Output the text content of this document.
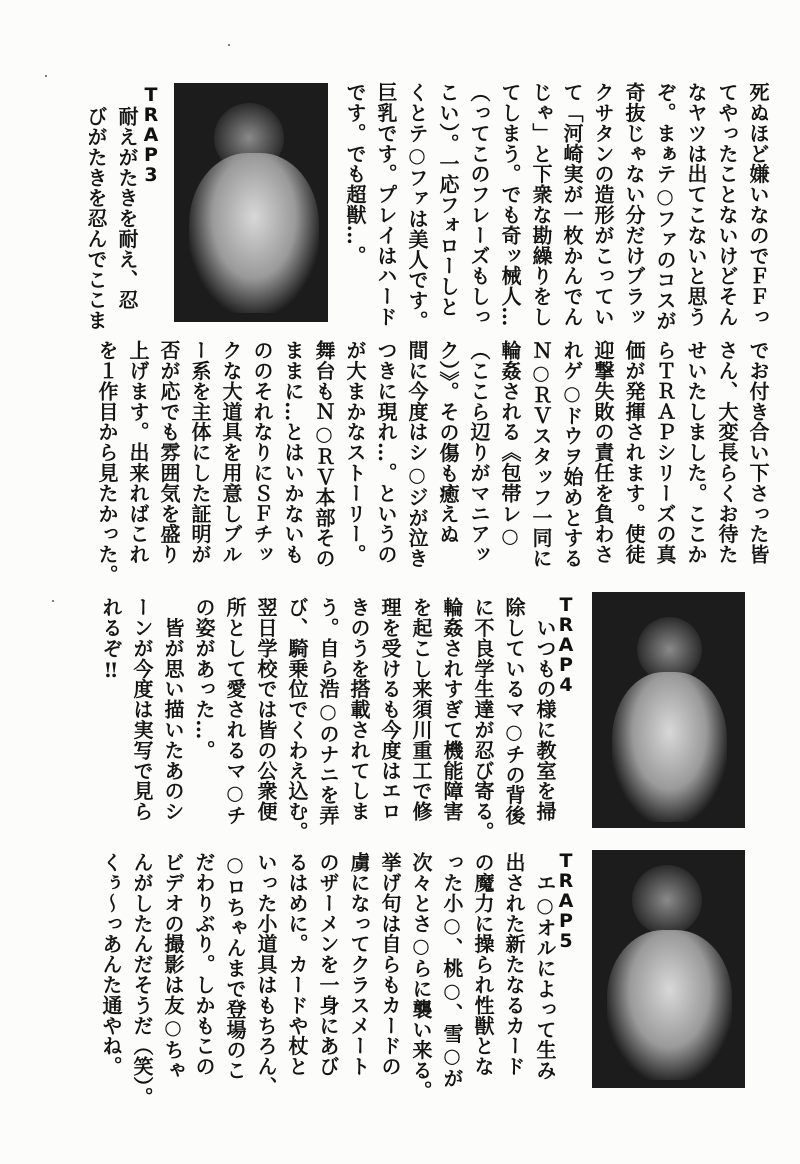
死ぬほど嫌いなのでＦＦっ
てやったことないけどそん
なヤツは出てこないと思う
ぞ。まぁテ○ファのコスが
奇抜じゃない分だけブラッ
クサタンの造形がこってい
て「河崎実が一枚かんでん
じゃ」と下衆な勘繰りをし
てしまう。でも奇ッ械人…
（ってこのフレーズもしっ
こい）。一応フォローしと
くとテ○ファは美人です。
巨乳です。プレイはハード
です。でも超獣…。
TRAP3
耐えがたきを耐え、忍
びがたきを忍んでここま
でお付き合い下さった皆
さん、大変長らくお待た
せいたしました。ここか
らＴＲＡＰシリーズの真
価が発揮されます。使徒
迎撃失敗の責任を負わさ
れゲ○ドウヲ始めとする
Ｎ○ＲＶスタッフ一同に
輪姦される《包帯レ○
（ここら辺りがマニアッ
ク）》。その傷も癒えぬ
間に今度はシ○ジが泣き
つきに現れ…。というの
が大まかなストーリー。
舞台もＮ○ＲＶ本部その
ままに…とはいかないも
ののそれなりにＳＦチッ
クな大道具を用意しブル
ー系を主体にした証明が
否が応でも雰囲気を盛り
上げます。出来ればこれ
を１作目から見たかった。
TRAP4
　いつもの様に教室を掃
除しているマ○チの背後
に不良学生達が忍び寄る。
輪姦されすぎて機能障害
を起こし来須川重工で修
理を受けるも今度はエロ
きのうを搭載されてしま
う。自ら浩○のナニを弄
び、騎乗位でくわえ込む。
翌日学校では皆の公衆便
所として愛されるマ○チ
の姿があった…。
　皆が思い描いたあのシ
ーンが今度は実写で見ら
れるぞ‼
TRAP5
　エ○オルによって生み
出された新たなるカード
の魔力に操られ性獣とな
った小○、桃○、雪○が
次々とさ○らに襲い来る。
挙げ句は自らもカードの
虜になってクラスメート
のザーメンを一身にあび
るはめに。カードや杖と
いった小道具はもちろん、
○ロちゃんまで登場のこ
だわりぶり。しかもこの
ビデオの撮影は友○ちゃ
んがしたんだそうだ（笑）。
くぅ～っあんた通やね。
